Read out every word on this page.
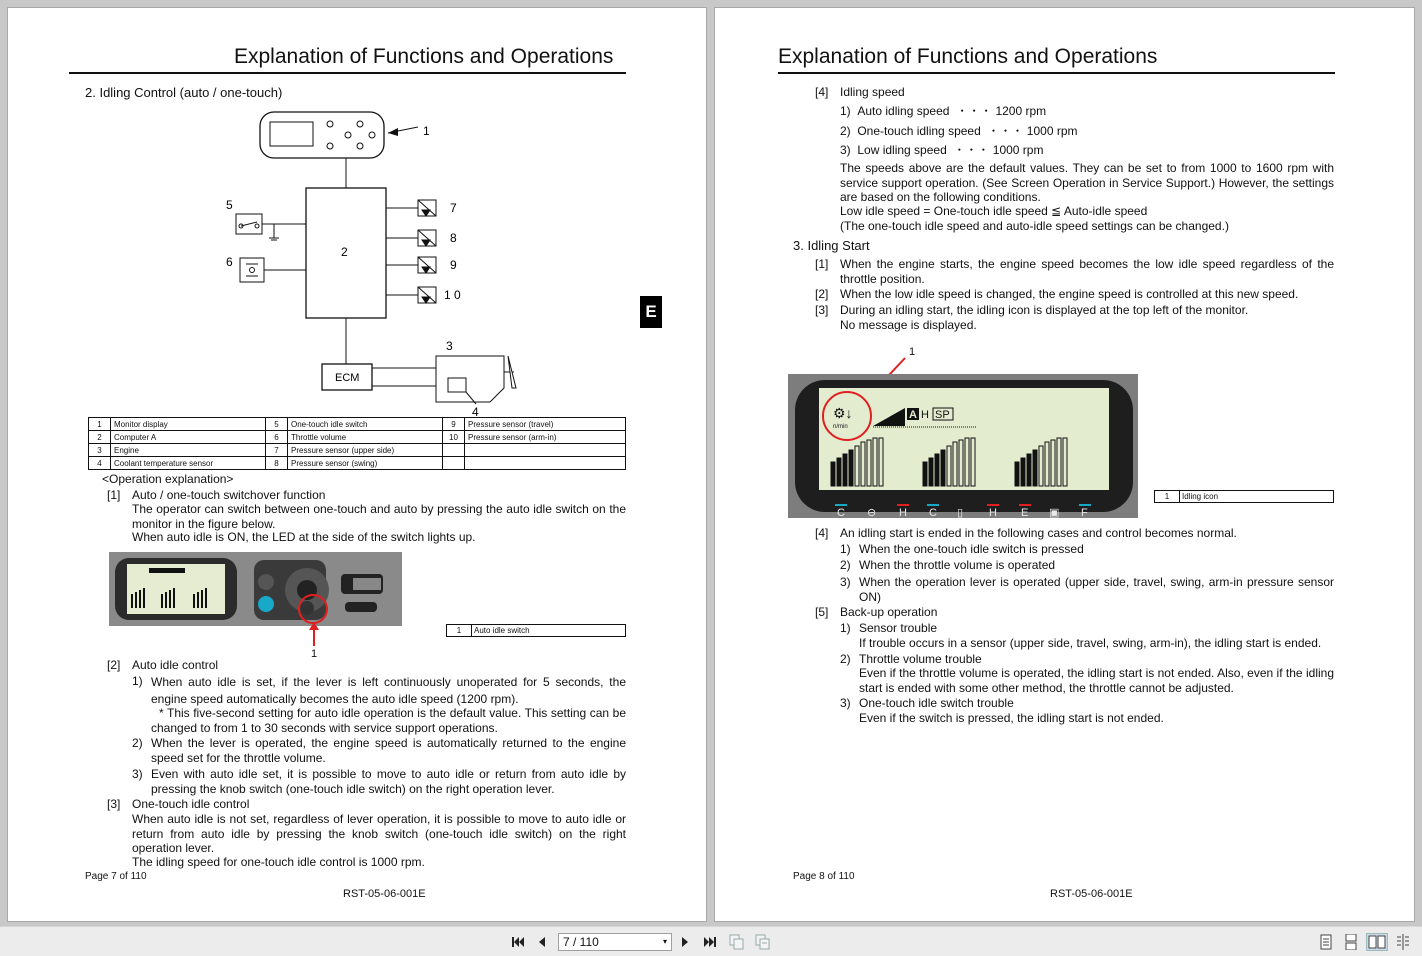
Explanation of Functions and Operations
2. Idling Control (auto / one-touch)
1
2
5
6
7
8
9
1 0
ECM
3
4
1	Monitor display	5	One-touch idle switch	9	Pressure sensor (travel)
2	Computer A	6	Throttle volume	10	Pressure sensor (arm-in)
3	Engine	7	Pressure sensor (upper side)		
4	Coolant temperature sensor	8	Pressure sensor (swing)		
<Operation explanation>
[1] Auto / one-touch switchover function
The operator can switch between one-touch and auto by pressing the auto idle switch on the monitor in the figure below.
When auto idle is ON, the LED at the side of the switch lights up.
1
1 Auto idle switch
[2] Auto idle control
1) When auto idle is set, if the lever is left continuously unoperated for 5 seconds, the engine speed automatically becomes the auto idle speed (1200 rpm).
* This five-second setting for auto idle operation is the default value. This setting can be changed to from 1 to 30 seconds with service support operations.
2) When the lever is operated, the engine speed is automatically returned to the engine speed set for the throttle volume.
3) Even with auto idle set, it is possible to move to auto idle or return from auto idle by pressing the knob switch (one-touch idle switch) on the right operation lever.
[3] One-touch idle control
When auto idle is not set, regardless of lever operation, it is possible to move to auto idle or return from auto idle by pressing the knob switch (one-touch idle switch) on the right operation lever.
The idling speed for one-touch idle control is 1000 rpm.
Page 7 of 110
RST-05-06-001E
E
Explanation of Functions and Operations
[4] Idling speed
1) Auto idling speed ・・・ 1200 rpm
2) One-touch idling speed ・・・ 1000 rpm
3) Low idling speed ・・・ 1000 rpm
The speeds above are the default values. They can be set to from 1000 to 1600 rpm with service support operation. (See Screen Operation in Service Support.) However, the settings are based on the following conditions.
Low idle speed = One-touch idle speed ≦ Auto-idle speed
(The one-touch idle speed and auto-idle speed settings can be changed.)
3. Idling Start
[1] When the engine starts, the engine speed becomes the low idle speed regardless of the throttle position.
[2] When the low idle speed is changed, the engine speed is controlled at this new speed.
[3] During an idling start, the idling icon is displayed at the top left of the monitor.
No message is displayed.
1
⚙↓
n/min
A H SP
C ⊖ H C ▯ H E ▣ F
1 Idling icon
[4] An idling start is ended in the following cases and control becomes normal.
1) When the one-touch idle switch is pressed
2) When the throttle volume is operated
3) When the operation lever is operated (upper side, travel, swing, arm-in pressure sensor ON)
[5] Back-up operation
1) Sensor trouble
If trouble occurs in a sensor (upper side, travel, swing, arm-in), the idling start is ended.
2) Throttle volume trouble
Even if the throttle volume is operated, the idling start is not ended. Also, even if the idling start is ended with some other method, the throttle cannot be adjusted.
3) One-touch idle switch trouble
Even if the switch is pressed, the idling start is not ended.
Page 8 of 110
RST-05-06-001E
7 / 110	▾
